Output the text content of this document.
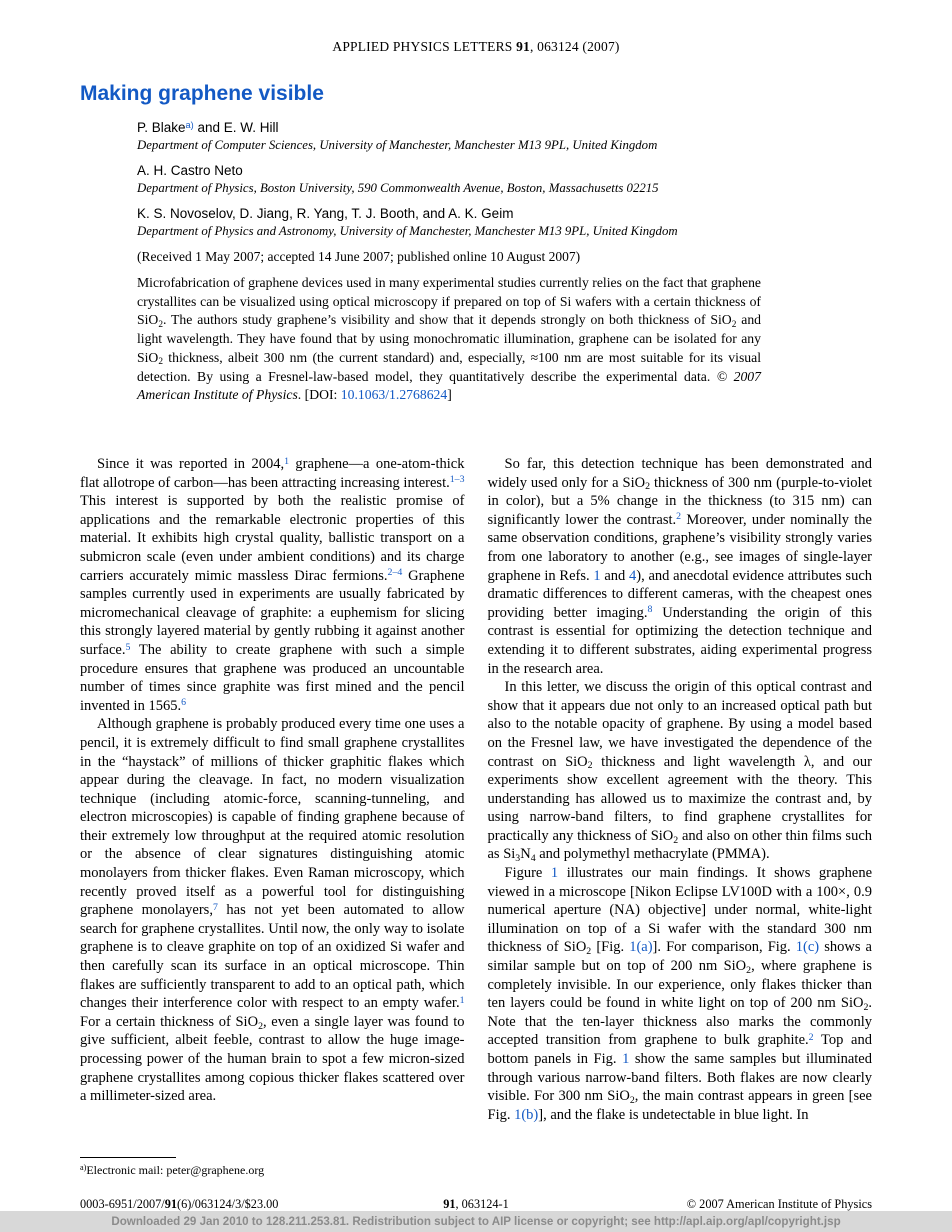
APPLIED PHYSICS LETTERS 91, 063124 (2007)
Making graphene visible
P. Blake$^{a)}$ and E. W. Hill
Department of Computer Sciences, University of Manchester, Manchester M13 9PL, United Kingdom
A. H. Castro Neto
Department of Physics, Boston University, 590 Commonwealth Avenue, Boston, Massachusetts 02215
K. S. Novoselov, D. Jiang, R. Yang, T. J. Booth, and A. K. Geim
Department of Physics and Astronomy, University of Manchester, Manchester M13 9PL, United Kingdom
(Received 1 May 2007; accepted 14 June 2007; published online 10 August 2007)
Microfabrication of graphene devices used in many experimental studies currently relies on the fact that graphene crystallites can be visualized using optical microscopy if prepared on top of Si wafers with a certain thickness of SiO2. The authors study graphene’s visibility and show that it depends strongly on both thickness of SiO2 and light wavelength. They have found that by using monochromatic illumination, graphene can be isolated for any SiO2 thickness, albeit 300 nm (the current standard) and, especially, ≈100 nm are most suitable for its visual detection. By using a Fresnel-law-based model, they quantitatively describe the experimental data. © 2007 American Institute of Physics. [DOI: 10.1063/1.2768624]

Since it was reported in 2004,$^1$ graphene—a one-atom-thick flat allotrope of carbon—has been attracting increasing interest.$^{1-3}$ This interest is supported by both the realistic promise of applications and the remarkable electronic properties of this material. It exhibits high crystal quality, ballistic transport on a submicron scale (even under ambient conditions) and its charge carriers accurately mimic massless Dirac fermions.$^{2-4}$ Graphene samples currently used in experiments are usually fabricated by micromechanical cleavage of graphite: a euphemism for slicing this strongly layered material by gently rubbing it against another surface.$^5$ The ability to create graphene with such a simple procedure ensures that graphene was produced an uncountable number of times since graphite was first mined and the pencil invented in 1565.$^6$

Although graphene is probably produced every time one uses a pencil, it is extremely difficult to find small graphene crystallites in the “haystack” of millions of thicker graphitic flakes which appear during the cleavage. In fact, no modern visualization technique (including atomic-force, scanning-tunneling, and electron microscopies) is capable of finding graphene because of their extremely low throughput at the required atomic resolution or the absence of clear signatures distinguishing atomic monolayers from thicker flakes. Even Raman microscopy, which recently proved itself as a powerful tool for distinguishing graphene monolayers,$^7$ has not yet been automated to allow search for graphene crystallites. Until now, the only way to isolate graphene is to cleave graphite on top of an oxidized Si wafer and then carefully scan its surface in an optical microscope. Thin flakes are sufficiently transparent to add to an optical path, which changes their interference color with respect to an empty wafer.$^1$ For a certain thickness of SiO2, even a single layer was found to give sufficient, albeit feeble, contrast to allow the huge image-processing power of the human brain to spot a few micron-sized graphene crystallites among copious thicker flakes scattered over a millimeter-sized area.

So far, this detection technique has been demonstrated and widely used only for a SiO2 thickness of 300 nm (purple-to-violet in color), but a 5% change in the thickness (to 315 nm) can significantly lower the contrast.$^2$ Moreover, under nominally the same observation conditions, graphene’s visibility strongly varies from one laboratory to another (e.g., see images of single-layer graphene in Refs. 1 and 4), and anecdotal evidence attributes such dramatic differences to different cameras, with the cheapest ones providing better imaging.$^8$ Understanding the origin of this contrast is essential for optimizing the detection technique and extending it to different substrates, aiding experimental progress in the research area.

In this letter, we discuss the origin of this optical contrast and show that it appears due not only to an increased optical path but also to the notable opacity of graphene. By using a model based on the Fresnel law, we have investigated the dependence of the contrast on SiO2 thickness and light wavelength λ, and our experiments show excellent agreement with the theory. This understanding has allowed us to maximize the contrast and, by using narrow-band filters, to find graphene crystallites for practically any thickness of SiO2 and also on other thin films such as Si3N4 and polymethyl methacrylate (PMMA).

Figure 1 illustrates our main findings. It shows graphene viewed in a microscope [Nikon Eclipse LV100D with a 100×, 0.9 numerical aperture (NA) objective] under normal, white-light illumination on top of a Si wafer with the standard 300 nm thickness of SiO2 [Fig. 1(a)]. For comparison, Fig. 1(c) shows a similar sample but on top of 200 nm SiO2, where graphene is completely invisible. In our experience, only flakes thicker than ten layers could be found in white light on top of 200 nm SiO2. Note that the ten-layer thickness also marks the commonly accepted transition from graphene to bulk graphite.$^2$ Top and bottom panels in Fig. 1 show the same samples but illuminated through various narrow-band filters. Both flakes are now clearly visible. For 300 nm SiO2, the main contrast appears in green [see Fig. 1(b)], and the flake is undetectable in blue light. In

$^{a)}$Electronic mail: peter@graphene.org
0003-6951/2007/91(6)/063124/3/$23.00	91, 063124-1	© 2007 American Institute of Physics
Downloaded 29 Jan 2010 to 128.211.253.81. Redistribution subject to AIP license or copyright; see http://apl.aip.org/apl/copyright.jsp
